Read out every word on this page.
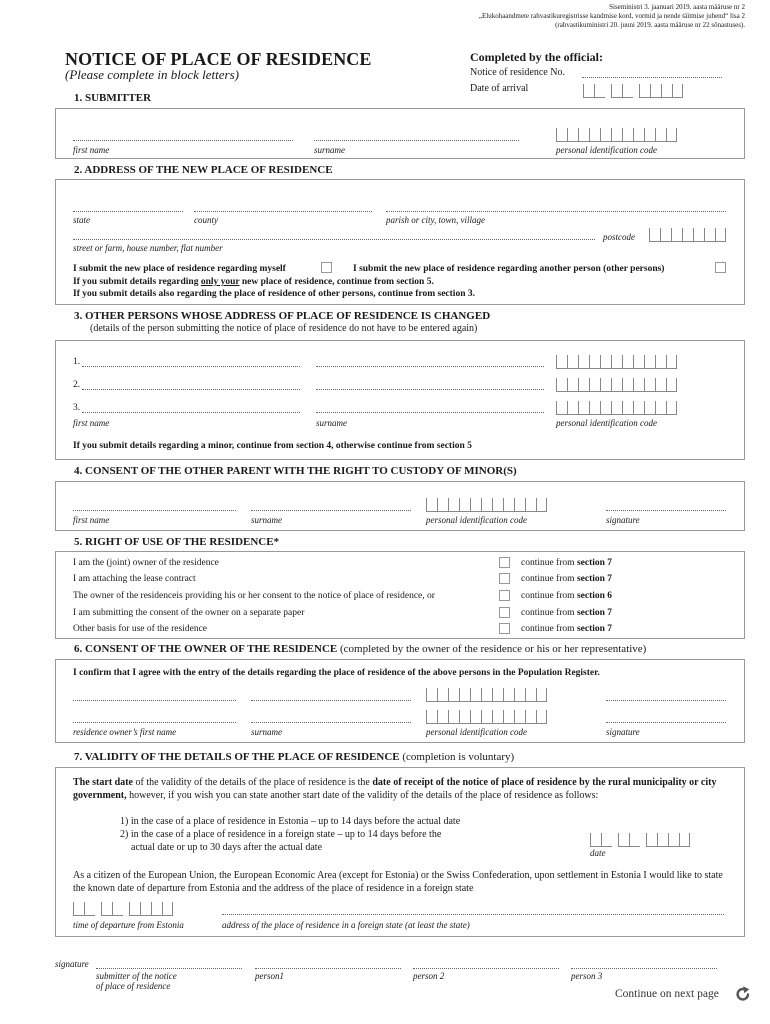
Siseministri 3. jaanuari 2019. aasta määruse nr 2
„Elukohaandmete rahvastikuregistrisse kandmise kord, vormid ja nende täitmise juhend“ lisa 2
(rahvastikuministri 20. juuni 2019. aasta määruse nr 22 sõnastuses).
NOTICE OF PLACE OF RESIDENCE
(Please complete in block letters)
Completed by the official:
Notice of residence No.
Date of arrival
1. SUBMITTER
first name	surname	personal identification code
2. ADDRESS OF THE NEW PLACE OF RESIDENCE
state	county	parish or city, town, village
postcode
street or farm, house number, flat number
I submit the new place of residence regarding myself	I submit the new place of residence regarding another person (other persons)
If you submit details regarding only your new place of residence, continue from section 5.
If you submit details also regarding the place of residence of other persons, continue from section 3.
3. OTHER PERSONS WHOSE ADDRESS OF PLACE OF RESIDENCE IS CHANGED
(details of the person submitting the notice of place of residence do not have to be entered again)
1.
2.
3.
first name	surname	personal identification code
If you submit details regarding a minor, continue from section 4, otherwise continue from section 5
4. CONSENT OF THE OTHER PARENT WITH THE RIGHT TO CUSTODY OF MINOR(S)
first name	surname	personal identification code	signature
5. RIGHT OF USE OF THE RESIDENCE*
I am the (joint) owner of the residence	continue from section 7
I am attaching the lease contract	continue from section 7
The owner of the residenceis providing his or her consent to the notice of place of residence, or	continue from section 6
I am submitting the consent of the owner on a separate paper	continue from section 7
Other basis for use of the residence	continue from section 7
6. CONSENT OF THE OWNER OF THE RESIDENCE (completed by the owner of the residence or his or her representative)
I confirm that I agree with the entry of the details regarding the place of residence of the above persons in the Population Register.
residence owner’s first name	surname	personal identification code	signature
7. VALIDITY OF THE DETAILS OF THE PLACE OF RESIDENCE (completion is voluntary)
The start date of the validity of the details of the place of residence is the date of receipt of the notice of place of residence by the rural municipality or city government, however, if you wish you can state another start date of the validity of the details of the place of residence as follows:
1) in the case of a place of residence in Estonia – up to 14 days before the actual date
2) in the case of a place of residence in a foreign state – up to 14 days before the
actual date or up to 30 days after the actual date	date
As a citizen of the European Union, the European Economic Area (except for Estonia) or the Swiss Confederation, upon settlement in Estonia I would like to state the known date of departure from Estonia and the address of the place of residence in a foreign state
time of departure from Estonia	address of the place of residence in a foreign state (at least the state)
signature
submitter of the notice
of place of residence
person1	person 2	person 3
Continue on next page
